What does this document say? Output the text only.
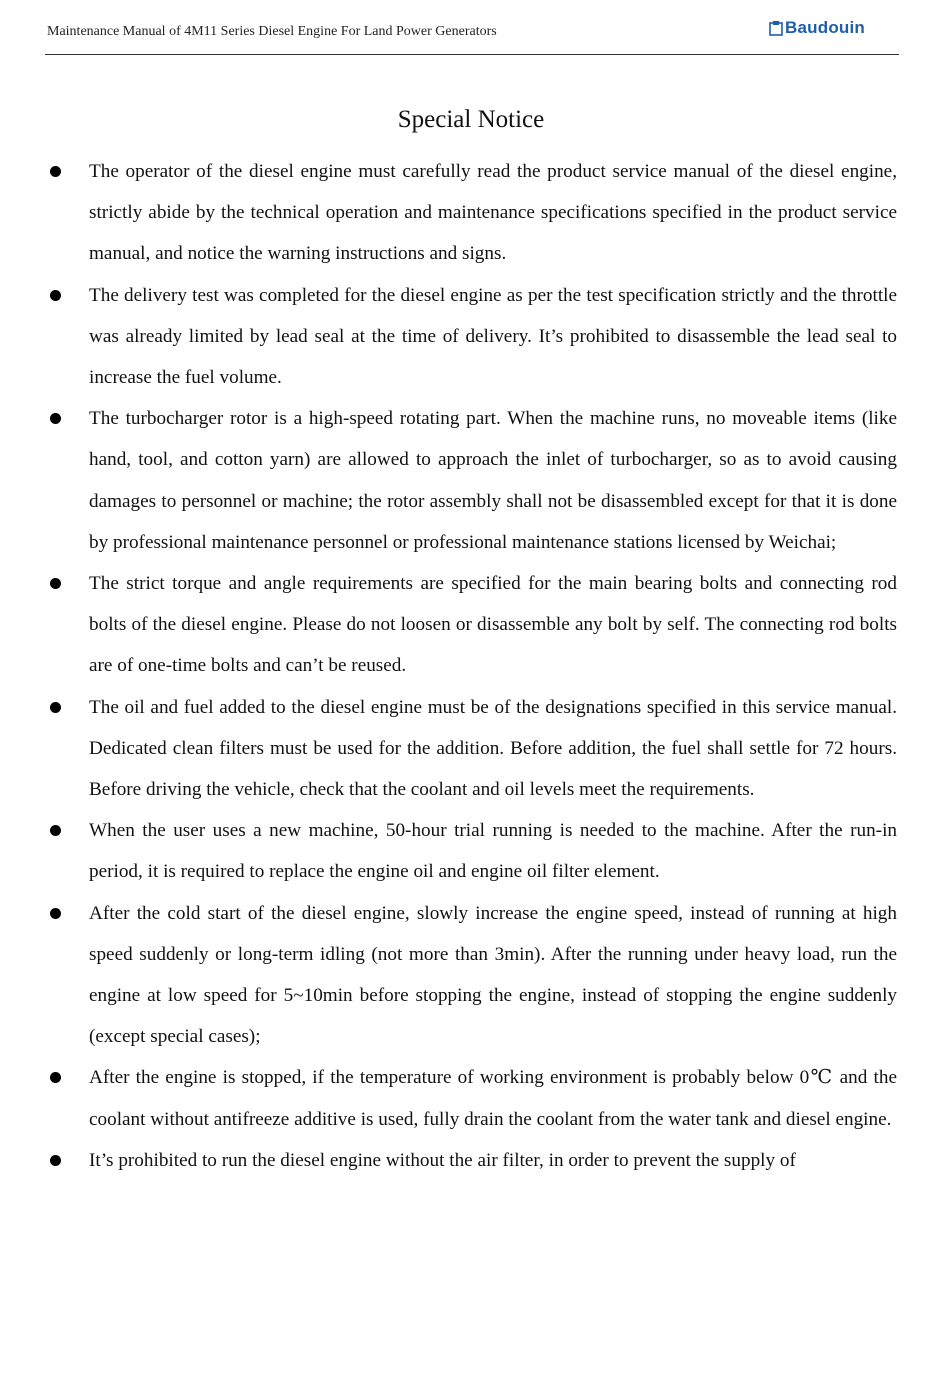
Maintenance Manual of 4M11 Series Diesel Engine For Land Power Generators	Baudouin
Special Notice
The operator of the diesel engine must carefully read the product service manual of the diesel engine, strictly abide by the technical operation and maintenance specifications specified in the product service manual, and notice the warning instructions and signs.
The delivery test was completed for the diesel engine as per the test specification strictly and the throttle was already limited by lead seal at the time of delivery. It’s prohibited to disassemble the lead seal to increase the fuel volume.
The turbocharger rotor is a high-speed rotating part. When the machine runs, no moveable items (like hand, tool, and cotton yarn) are allowed to approach the inlet of turbocharger, so as to avoid causing damages to personnel or machine; the rotor assembly shall not be disassembled except for that it is done by professional maintenance personnel or professional maintenance stations licensed by Weichai;
The strict torque and angle requirements are specified for the main bearing bolts and connecting rod bolts of the diesel engine. Please do not loosen or disassemble any bolt by self. The connecting rod bolts are of one-time bolts and can’t be reused.
The oil and fuel added to the diesel engine must be of the designations specified in this service manual. Dedicated clean filters must be used for the addition. Before addition, the fuel shall settle for 72 hours. Before driving the vehicle, check that the coolant and oil levels meet the requirements.
When the user uses a new machine, 50-hour trial running is needed to the machine. After the run-in period, it is required to replace the engine oil and engine oil filter element.
After the cold start of the diesel engine, slowly increase the engine speed, instead of running at high speed suddenly or long-term idling (not more than 3min). After the running under heavy load, run the engine at low speed for 5~10min before stopping the engine, instead of stopping the engine suddenly (except special cases);
After the engine is stopped, if the temperature of working environment is probably below 0℃ and the coolant without antifreeze additive is used, fully drain the coolant from the water tank and diesel engine.
It’s prohibited to run the diesel engine without the air filter, in order to prevent the supply of
